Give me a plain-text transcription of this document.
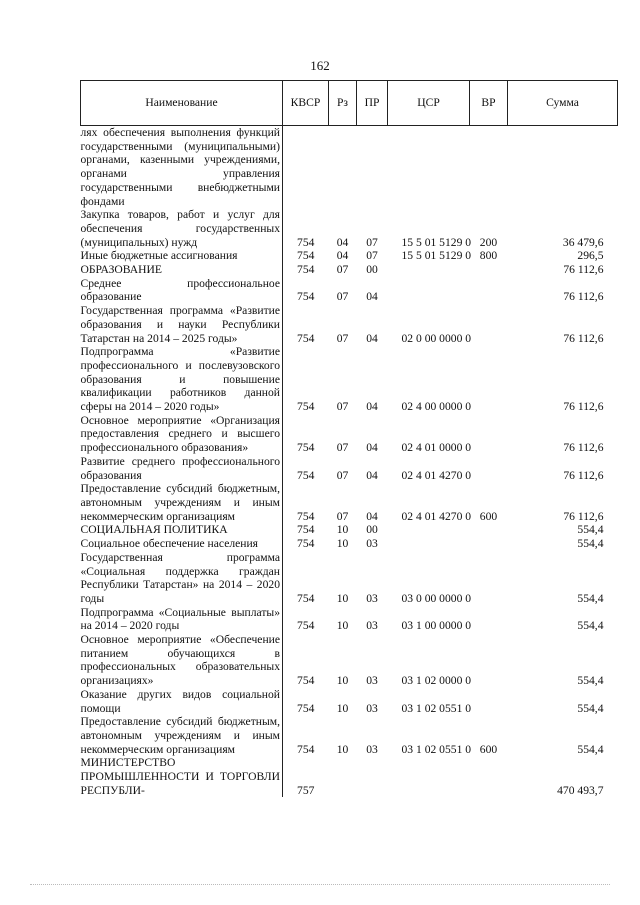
162
Наименование	КВСР	Рз	ПР	ЦСР	ВР	Сумма
лях обеспечения выполнения функций государственными (муниципальными) органами, казенными учреждениями, органами управления государственными внебюджетными фондами						
Закупка товаров, работ и услуг для обеспечения государственных (муниципальных) нужд	754	04	07	15 5 01 5129 0	200	36 479,6
Иные бюджетные ассигнования	754	04	07	15 5 01 5129 0	800	296,5
ОБРАЗОВАНИЕ	754	07	00			76 112,6
Среднее профессиональное образование	754	07	04			76 112,6
Государственная программа «Развитие образования и науки Республики Татарстан на 2014 – 2025 годы»	754	07	04	02 0 00 0000 0		76 112,6
Подпрограмма «Развитие профессионального и послевузовского образования и повышение квалификации работников данной сферы на 2014 – 2020 годы»	754	07	04	02 4 00 0000 0		76 112,6
Основное мероприятие «Организация предоставления среднего и высшего профессионального образования»	754	07	04	02 4 01 0000 0		76 112,6
Развитие среднего профессионального образования	754	07	04	02 4 01 4270 0		76 112,6
Предоставление субсидий бюджетным, автономным учреждениям и иным некоммерческим организациям	754	07	04	02 4 01 4270 0	600	76 112,6
СОЦИАЛЬНАЯ ПОЛИТИКА	754	10	00			554,4
Социальное обеспечение населения	754	10	03			554,4
Государственная программа «Социальная поддержка граждан Республики Татарстан» на 2014 – 2020 годы	754	10	03	03 0 00 0000 0		554,4
Подпрограмма «Социальные выплаты» на 2014 – 2020 годы	754	10	03	03 1 00 0000 0		554,4
Основное мероприятие «Обеспечение питанием обучающихся в профессиональных образовательных организациях»	754	10	03	03 1 02 0000 0		554,4
Оказание других видов социальной помощи	754	10	03	03 1 02 0551 0		554,4
Предоставление субсидий бюджетным, автономным учреждениям и иным некоммерческим организациям	754	10	03	03 1 02 0551 0	600	554,4
МИНИСТЕРСТВО ПРОМЫШЛЕННОСТИ И ТОРГОВЛИ РЕСПУБЛИ-	757					470 493,7
